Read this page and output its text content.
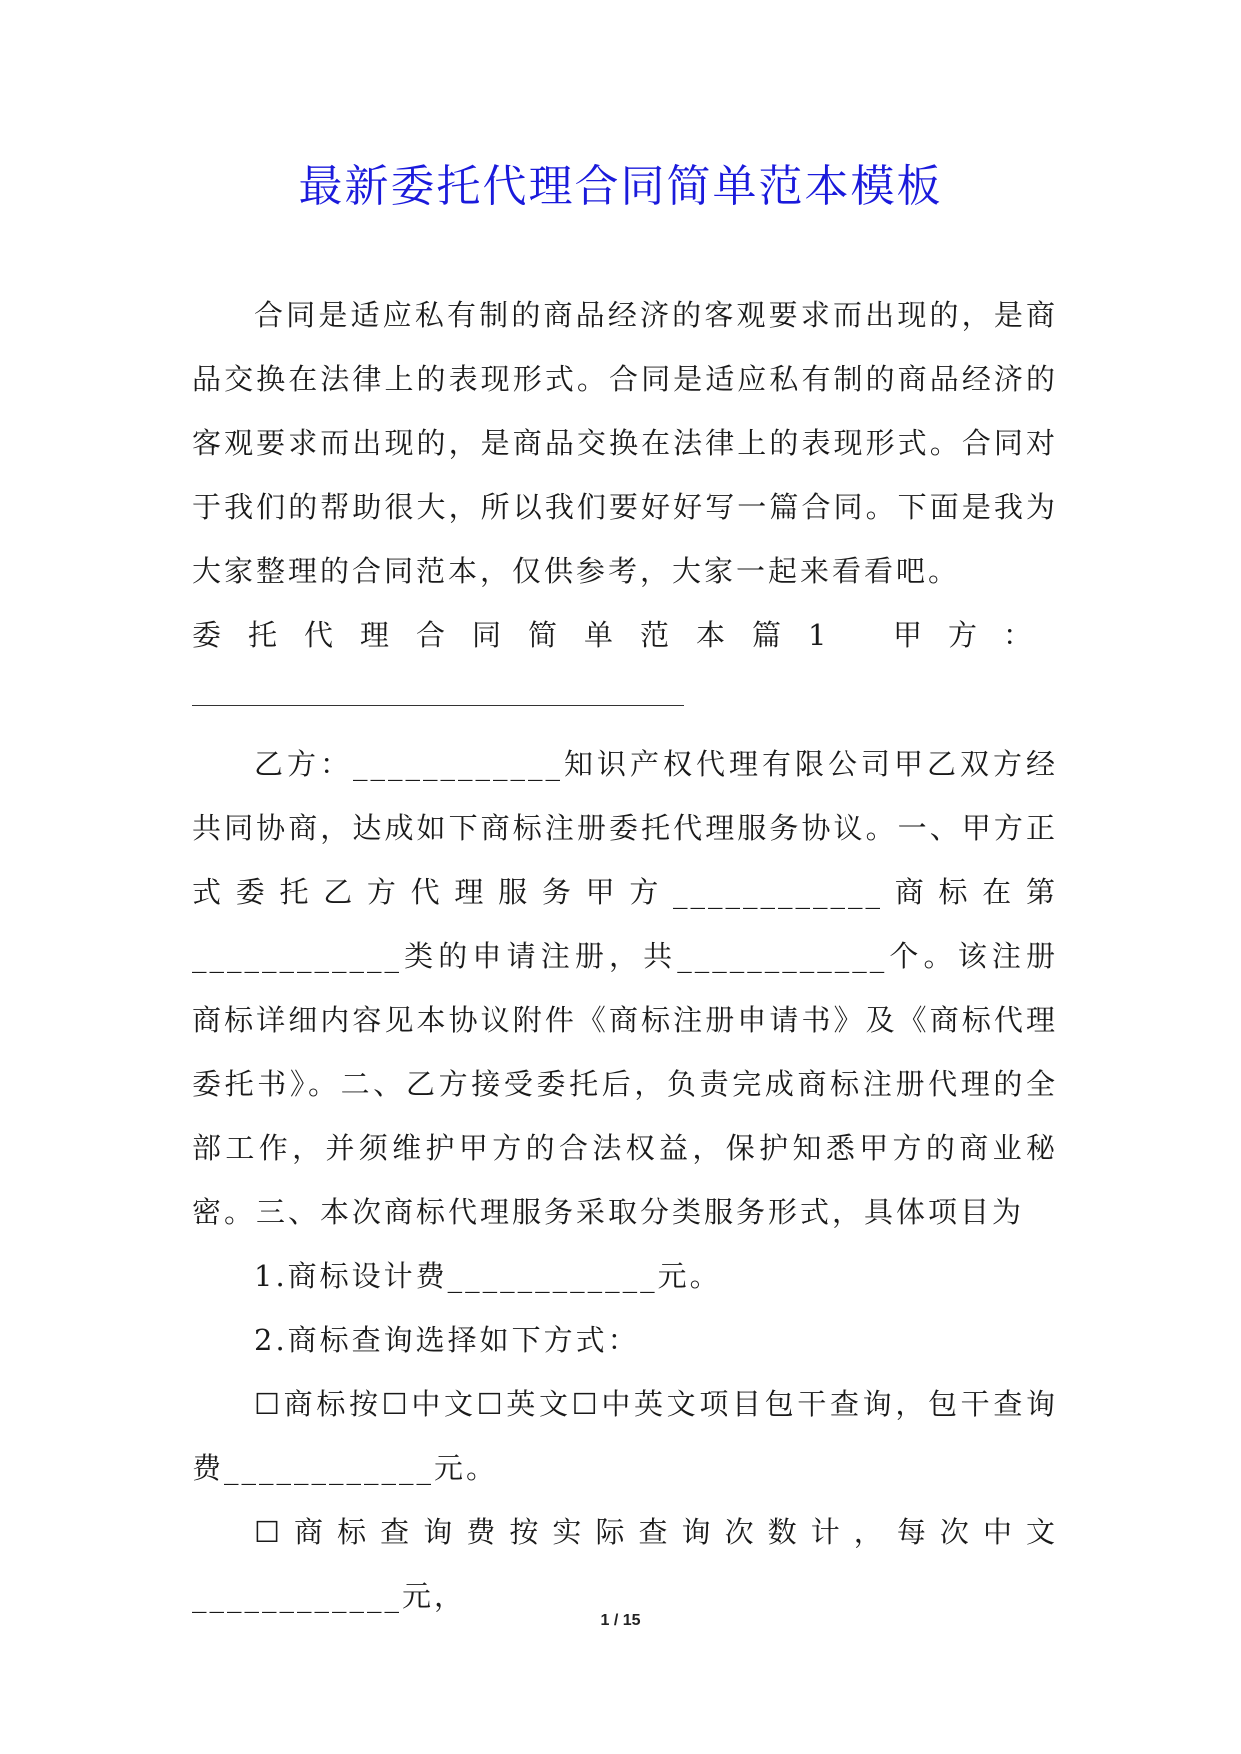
最新委托代理合同简单范本模板

合同是适应私有制的商品经济的客观要求而出现的，是商品交换在法律上的表现形式。合同是适应私有制的商品经济的客观要求而出现的，是商品交换在法律上的表现形式。合同对于我们的帮助很大，所以我们要好好写一篇合同。下面是我为大家整理的合同范本，仅供参考，大家一起来看看吧。

委托代理合同简单范本篇1 甲方：

乙方：____________知识产权代理有限公司甲乙双方经共同协商，达成如下商标注册委托代理服务协议。一、甲方正式委托乙方代理服务甲方____________商标在第____________类的申请注册，共____________个。该注册商标详细内容见本协议附件《商标注册申请书》及《商标代理委托书》。二、乙方接受委托后，负责完成商标注册代理的全部工作，并须维护甲方的合法权益，保护知悉甲方的商业秘密。三、本次商标代理服务采取分类服务形式，具体项目为

1.商标设计费____________元。

2.商标查询选择如下方式：

☐商标按☐中文☐英文☐中英文项目包干查询，包干查询费____________元。

☐商标查询费按实际查询次数计，每次中文____________元，

1 / 15
